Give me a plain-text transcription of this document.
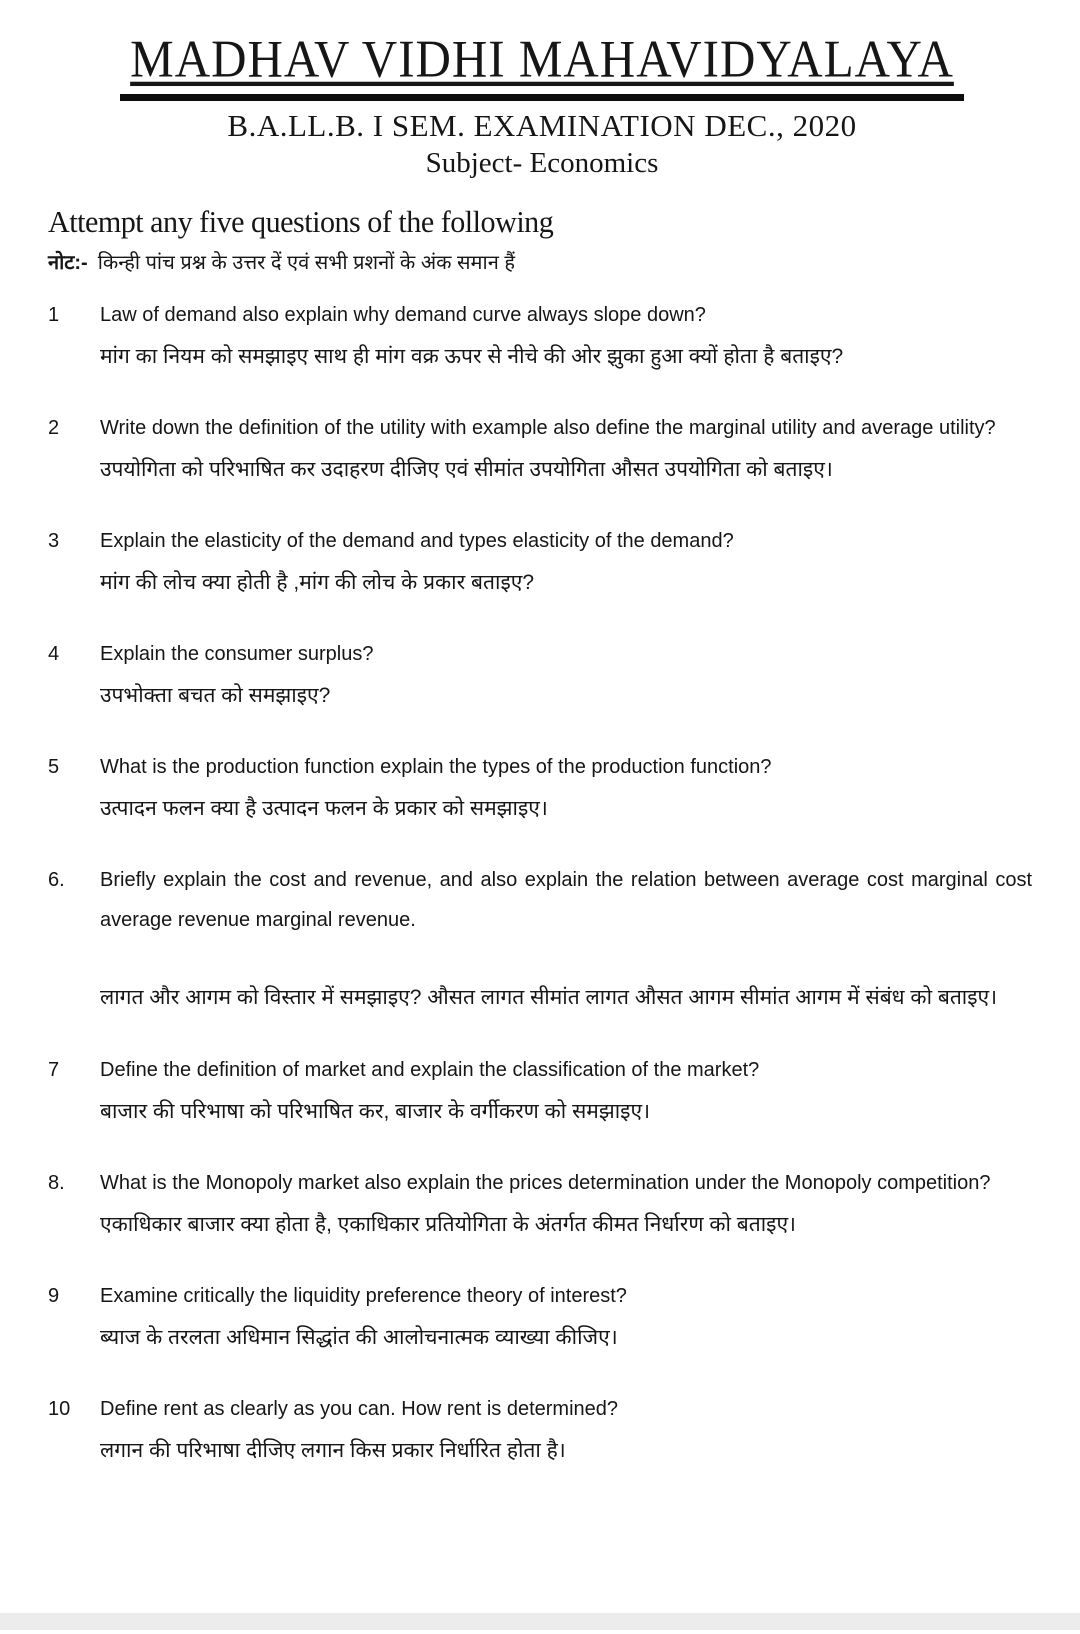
MADHAV VIDHI MAHAVIDYALAYA
B.A.LL.B. I SEM. EXAMINATION DEC., 2020
Subject- Economics
Attempt any five questions of the following
नोट:- किन्ही पांच प्रश्न के उत्तर दें एवं सभी प्रशनों के अंक समान हैं
1	Law of demand also explain why demand curve always slope down?
मांग का नियम को समझाइए साथ ही मांग वक्र ऊपर से नीचे की ओर झुका हुआ क्यों होता है बताइए?
2	Write down the definition of the utility with example also define the marginal utility and average utility?
उपयोगिता को परिभाषित कर उदाहरण दीजिए एवं सीमांत उपयोगिता औसत उपयोगिता को बताइए।
3	Explain the elasticity of the demand and types elasticity of the demand?
मांग की लोच क्या होती है ,मांग की लोच के प्रकार बताइए?
4	Explain the consumer surplus?
उपभोक्ता बचत को समझाइए?
5	What is the production function explain the types of the production function?
उत्पादन फलन क्या है उत्पादन फलन के प्रकार को समझाइए।
6.	Briefly explain the cost and revenue, and also explain the relation between average cost marginal cost average revenue marginal revenue.
लागत और आगम को विस्तार में समझाइए? औसत लागत सीमांत लागत औसत आगम सीमांत आगम में संबंध को बताइए।
7	Define the definition of market and explain the classification of the market?
बाजार की परिभाषा को परिभाषित कर, बाजार के वर्गीकरण को समझाइए।
8.	What is the Monopoly market also explain the prices determination under the Monopoly competition?
एकाधिकार बाजार क्या होता है, एकाधिकार प्रतियोगिता के अंतर्गत कीमत निर्धारण को बताइए।
9	Examine critically the liquidity preference theory of interest?
ब्याज के तरलता अधिमान सिद्धांत की आलोचनात्मक व्याख्या कीजिए।
10	Define rent as clearly as you can. How rent is determined?
लगान की परिभाषा दीजिए लगान किस प्रकार निर्धारित होता है।
